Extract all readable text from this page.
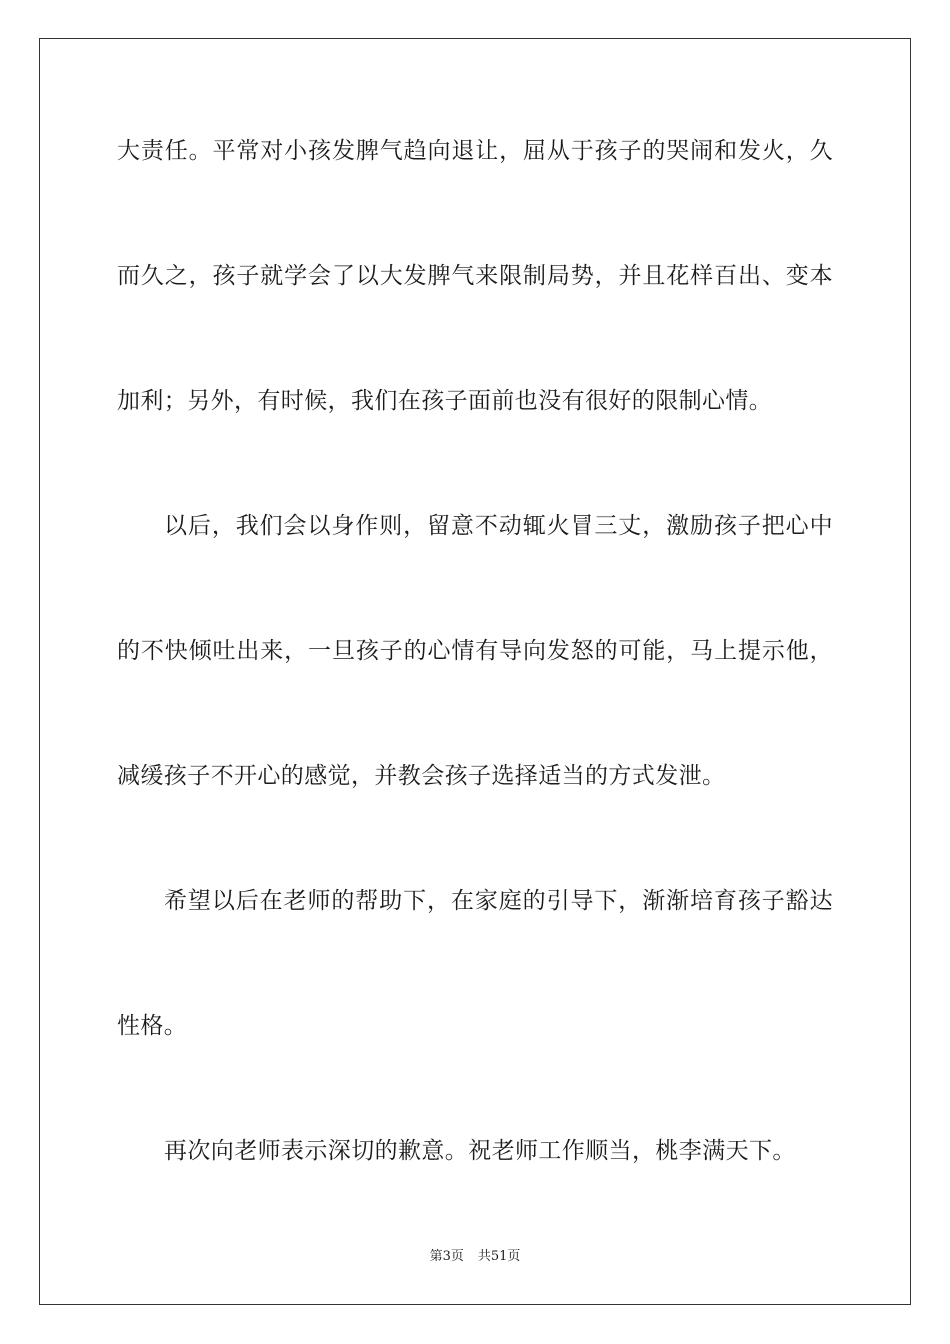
大责任。平常对小孩发脾气趋向退让，屈从于孩子的哭闹和发火，久
而久之，孩子就学会了以大发脾气来限制局势，并且花样百出、变本
加利；另外，有时候，我们在孩子面前也没有很好的限制心情。
以后，我们会以身作则，留意不动辄火冒三丈，激励孩子把心中
的不快倾吐出来，一旦孩子的心情有导向发怒的可能，马上提示他，
减缓孩子不开心的感觉，并教会孩子选择适当的方式发泄。
希望以后在老师的帮助下，在家庭的引导下，渐渐培育孩子豁达
性格。
再次向老师表示深切的歉意。祝老师工作顺当，桃李满天下。
第3页 共51页
